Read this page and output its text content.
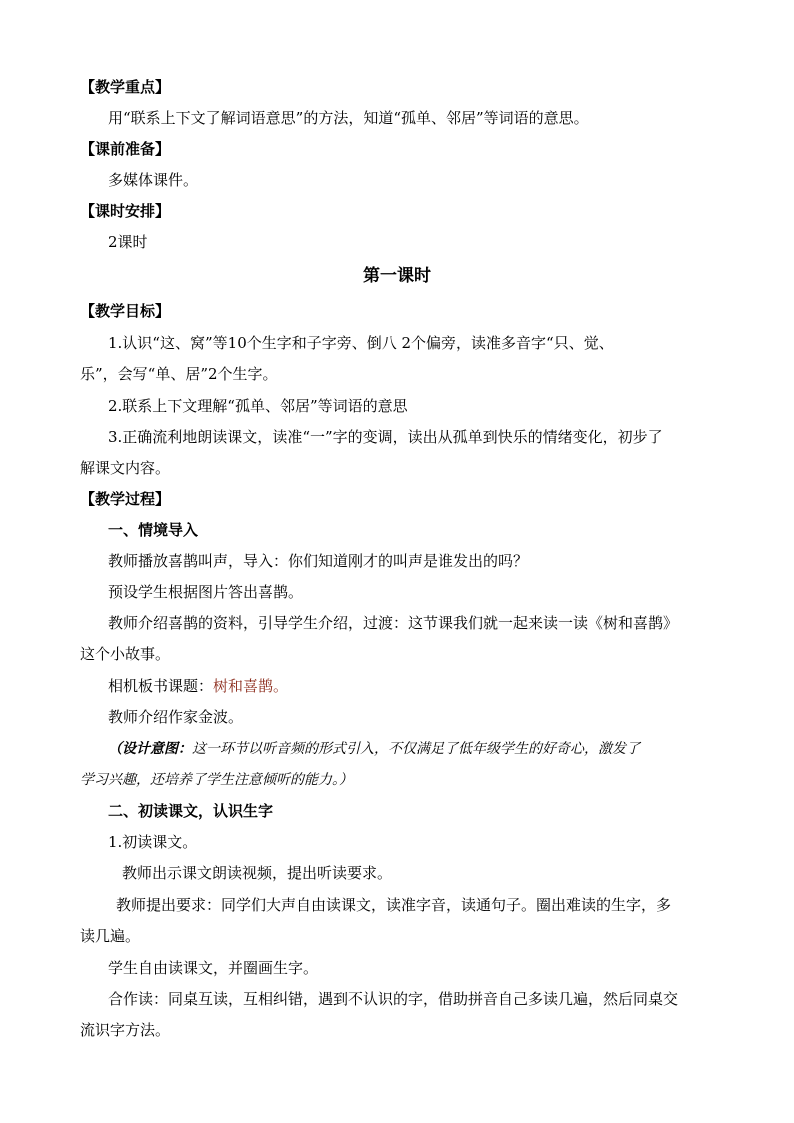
【教学重点】
用“联系上下文了解词语意思”的方法，知道“孤单、邻居”等词语的意思。
【课前准备】
多媒体课件。
【课时安排】
2课时
第一课时
【教学目标】
1.认识“这、窝”等10个生字和子字旁、倒八 2个偏旁，读准多音字“只、觉、
乐”，会写“单、居”2个生字。
2.联系上下文理解“孤单、邻居”等词语的意思
3.正确流利地朗读课文，读准“一”字的变调，读出从孤单到快乐的情绪变化，初步了
解课文内容。
【教学过程】
一、情境导入
教师播放喜鹊叫声，导入：你们知道刚才的叫声是谁发出的吗？
预设学生根据图片答出喜鹊。
教师介绍喜鹊的资料，引导学生介绍，过渡：这节课我们就一起来读一读《树和喜鹊》
这个小故事。
相机板书课题：树和喜鹊。
教师介绍作家金波。
（设计意图：这一环节以听音频的形式引入，不仅满足了低年级学生的好奇心，激发了
学习兴趣，还培养了学生注意倾听的能力。）
二、初读课文，认识生字
1.初读课文。
教师出示课文朗读视频，提出听读要求。
教师提出要求：同学们大声自由读课文，读准字音，读通句子。圈出难读的生字，多
读几遍。
学生自由读课文，并圈画生字。
合作读：同桌互读，互相纠错，遇到不认识的字，借助拼音自己多读几遍，然后同桌交
流识字方法。
